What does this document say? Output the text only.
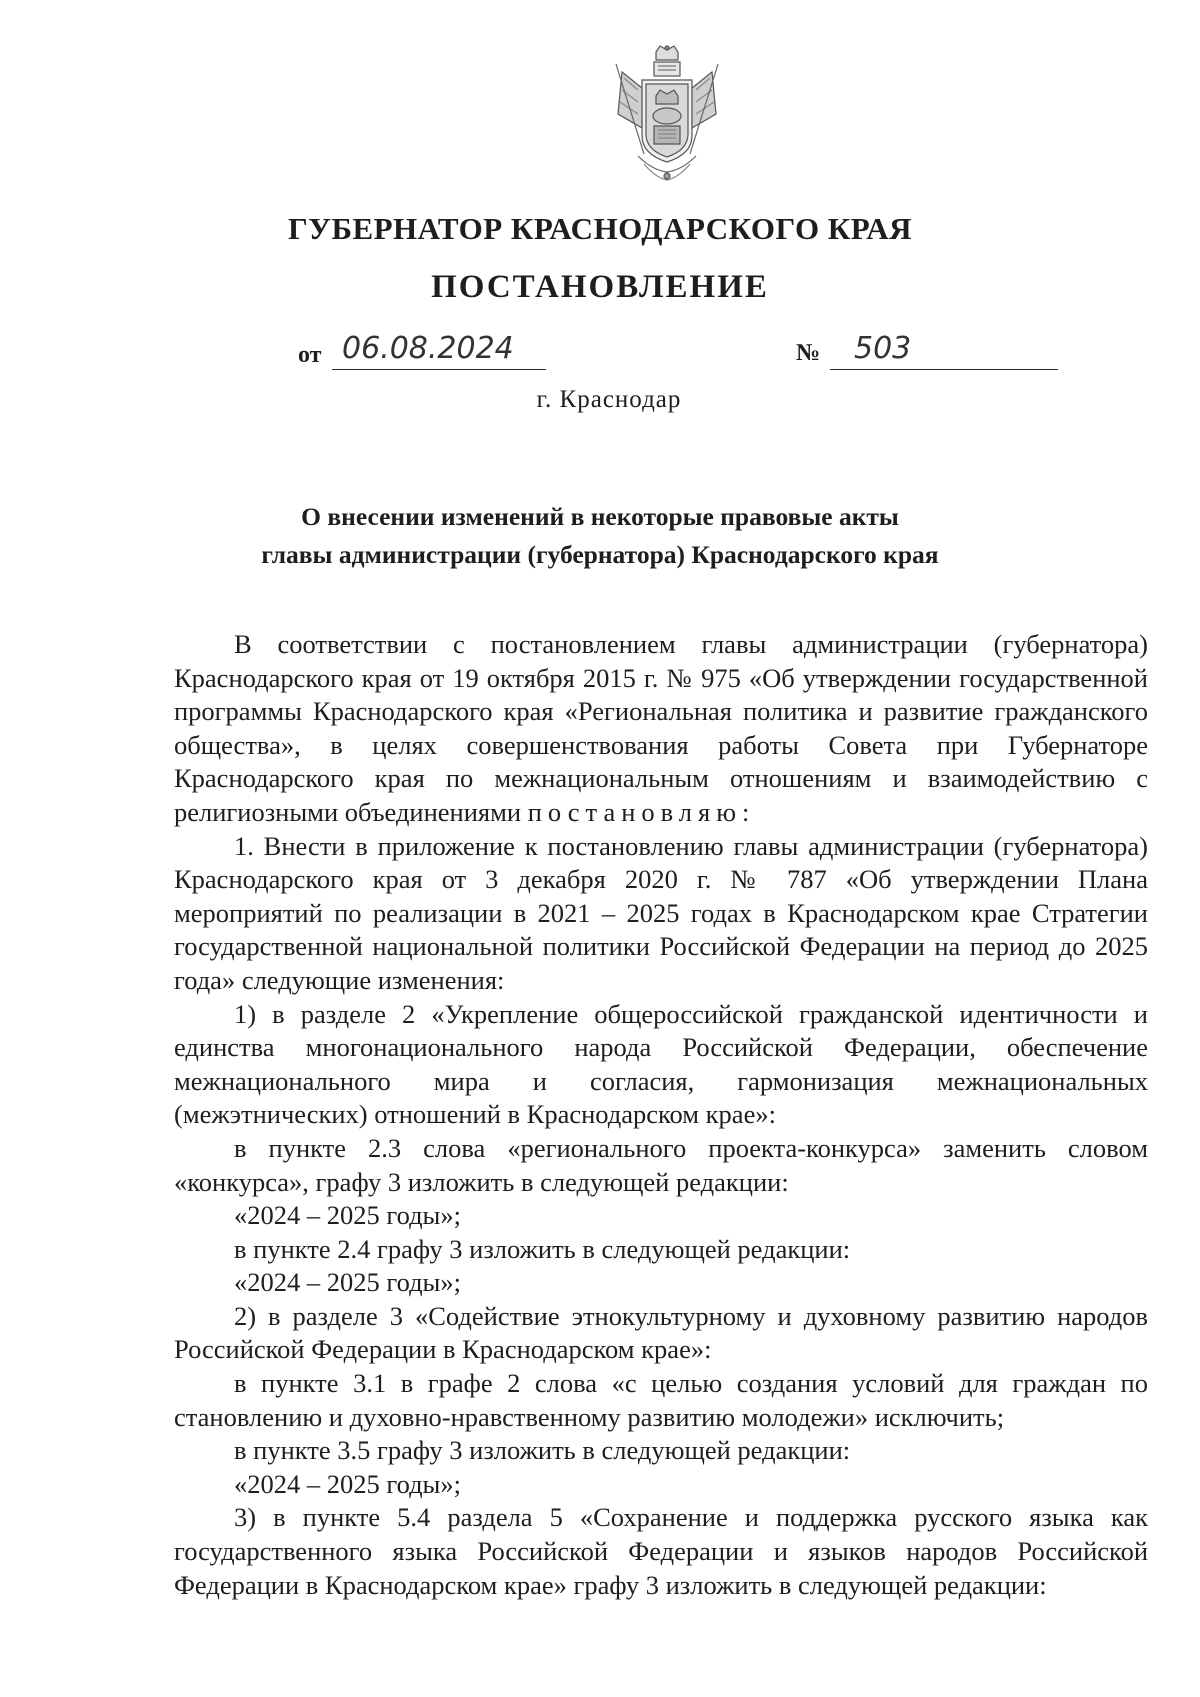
ГУБЕРНАТОР КРАСНОДАРСКОГО КРАЯ
ПОСТАНОВЛЕНИЕ
от 06.08.2024	№	503
г. Краснодар
О внесении изменений в некоторые правовые акты
главы администрации (губернатора) Краснодарского края

В соответствии с постановлением главы администрации (губернатора) Краснодарского края от 19 октября 2015 г. № 975 «Об утверждении государственной программы Краснодарского края «Региональная политика и развитие гражданского общества», в целях совершенствования работы Совета при Губернаторе Краснодарского края по межнациональным отношениям и взаимодействию с религиозными объединениями постановляю:

1. Внести в приложение к постановлению главы администрации (губернатора) Краснодарского края от 3 декабря 2020 г. № 787 «Об утверждении Плана мероприятий по реализации в 2021 – 2025 годах в Краснодарском крае Стратегии государственной национальной политики Российской Федерации на период до 2025 года» следующие изменения:

1) в разделе 2 «Укрепление общероссийской гражданской идентичности и единства многонационального народа Российской Федерации, обеспечение межнационального мира и согласия, гармонизация межнациональных (межэтнических) отношений в Краснодарском крае»:

в пункте 2.3 слова «регионального проекта-конкурса» заменить словом «конкурса», графу 3 изложить в следующей редакции:

«2024 – 2025 годы»;

в пункте 2.4 графу 3 изложить в следующей редакции:

«2024 – 2025 годы»;

2) в разделе 3 «Содействие этнокультурному и духовному развитию народов Российской Федерации в Краснодарском крае»:

в пункте 3.1 в графе 2 слова «с целью создания условий для граждан по становлению и духовно-нравственному развитию молодежи» исключить;

в пункте 3.5 графу 3 изложить в следующей редакции:

«2024 – 2025 годы»;

3) в пункте 5.4 раздела 5 «Сохранение и поддержка русского языка как государственного языка Российской Федерации и языков народов Российской Федерации в Краснодарском крае» графу 3 изложить в следующей редакции:
